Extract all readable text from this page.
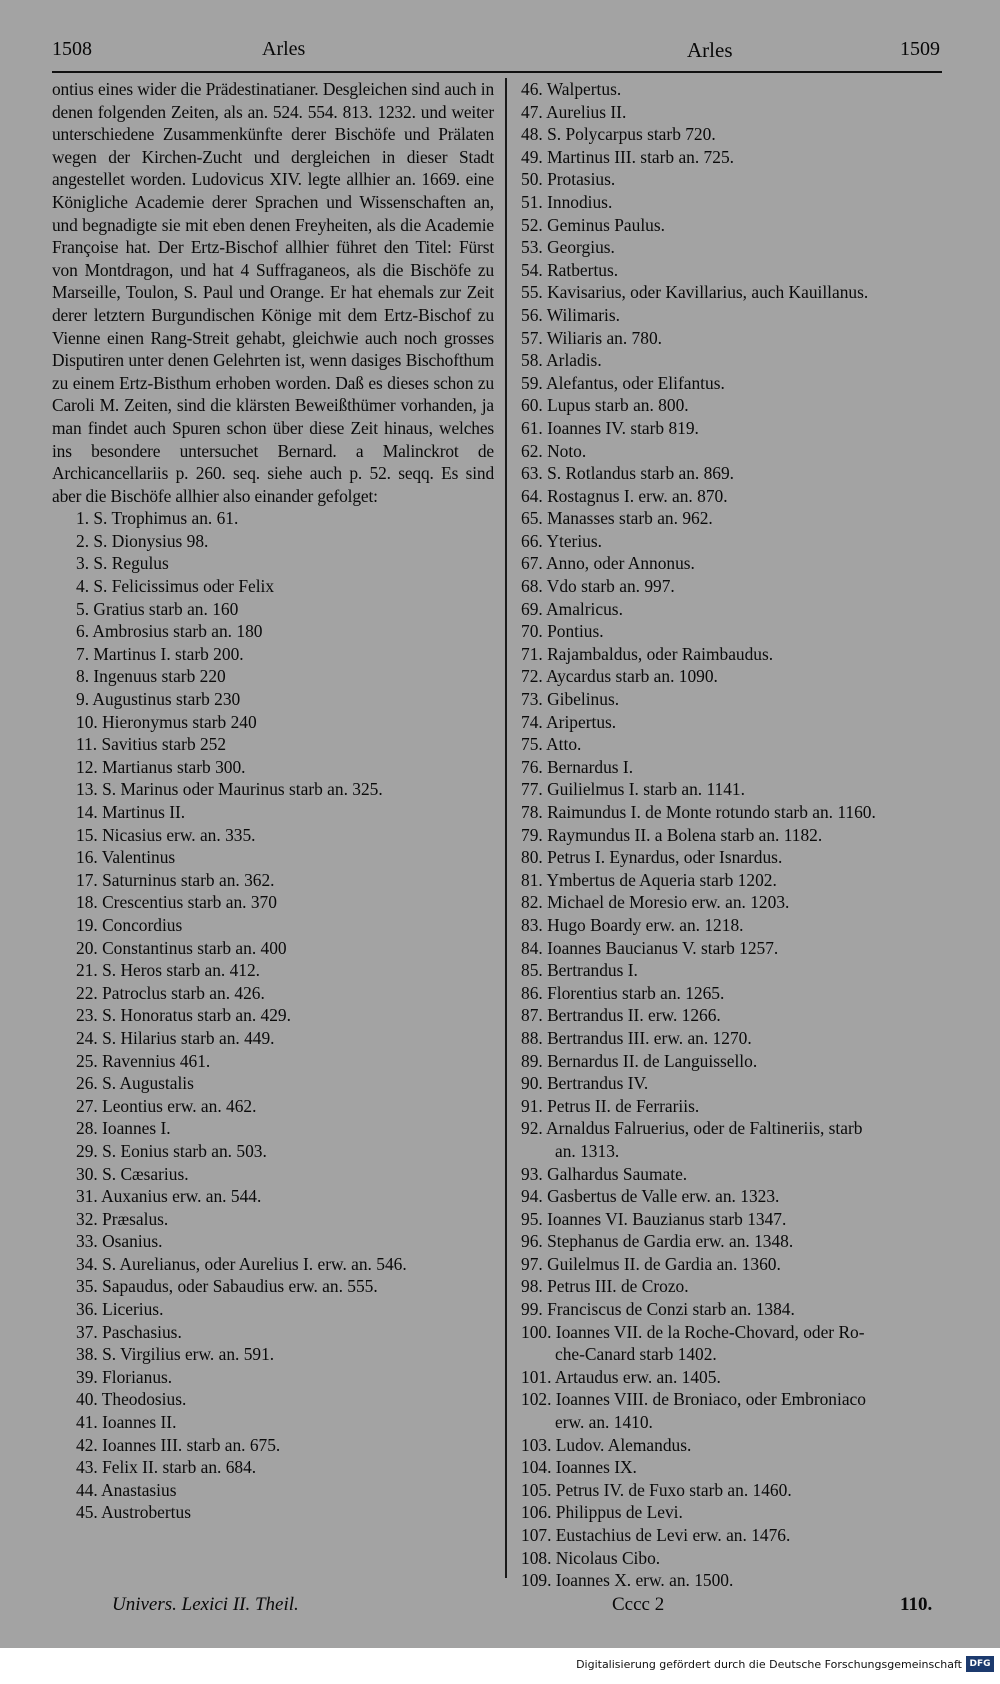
1508	Arles	Arles	1509

ontius eines wider die Prädestinatianer. Desgleichen sind auch in denen folgenden Zeiten, als an. 524. 554. 813. 1232. und weiter unterschiedene Zusammenkünfte derer Bischöfe und Prälaten wegen der Kirchen-Zucht und dergleichen in dieser Stadt angestellet worden. Ludovicus XIV. legte allhier an. 1669. eine Königliche Academie derer Sprachen und Wissenschaften an, und begnadigte sie mit eben denen Freyheiten, als die Academie Françoise hat. Der Ertz-Bischof allhier führet den Titel: Fürst von Montdragon, und hat 4 Suffraganeos, als die Bischöfe zu Marseille, Toulon, S. Paul und Orange. Er hat ehemals zur Zeit derer letztern Burgundischen Könige mit dem Ertz-Bischof zu Vienne einen Rang-Streit gehabt, gleichwie auch noch grosses Disputiren unter denen Gelehrten ist, wenn dasiges Bischofthum zu einem Ertz-Bisthum erhoben worden. Daß es dieses schon zu Caroli M. Zeiten, sind die klärsten Beweißthümer vorhanden, ja man findet auch Spuren schon über diese Zeit hinaus, welches ins besondere untersuchet Bernard. a Malinckrot de Archicancellariis p. 260. seq. siehe auch p. 52. seqq. Es sind aber die Bischöfe allhier also einander gefolget:

1. S. Trophimus an. 61.
2. S. Dionysius 98.
3. S. Regulus
4. S. Felicissimus oder Felix
5. Gratius starb an. 160
6. Ambrosius starb an. 180
7. Martinus I. starb 200.
8. Ingenuus starb 220
9. Augustinus starb 230
10. Hieronymus starb 240
11. Savitius starb 252
12. Martianus starb 300.
13. S. Marinus oder Maurinus starb an. 325.
14. Martinus II.
15. Nicasius erw. an. 335.
16. Valentinus
17. Saturninus starb an. 362.
18. Crescentius starb an. 370
19. Concordius
20. Constantinus starb an. 400
21. S. Heros starb an. 412.
22. Patroclus starb an. 426.
23. S. Honoratus starb an. 429.
24. S. Hilarius starb an. 449.
25. Ravennius 461.
26. S. Augustalis
27. Leontius erw. an. 462.
28. Ioannes I.
29. S. Eonius starb an. 503.
30. S. Cæsarius.
31. Auxanius erw. an. 544.
32. Præsalus.
33. Osanius.
34. S. Aurelianus, oder Aurelius I. erw. an. 546.
35. Sapaudus, oder Sabaudius erw. an. 555.
36. Licerius.
37. Paschasius.
38. S. Virgilius erw. an. 591.
39. Florianus.
40. Theodosius.
41. Ioannes II.
42. Ioannes III. starb an. 675.
43. Felix II. starb an. 684.
44. Anastasius
45. Austrobertus
46. Walpertus.
47. Aurelius II.
48. S. Polycarpus starb 720.
49. Martinus III. starb an. 725.
50. Protasius.
51. Innodius.
52. Geminus Paulus.
53. Georgius.
54. Ratbertus.
55. Kavisarius, oder Kavillarius, auch Kauillanus.
56. Wilimaris.
57. Wiliaris an. 780.
58. Arladis.
59. Alefantus, oder Elifantus.
60. Lupus starb an. 800.
61. Ioannes IV. starb 819.
62. Noto.
63. S. Rotlandus starb an. 869.
64. Rostagnus I. erw. an. 870.
65. Manasses starb an. 962.
66. Yterius.
67. Anno, oder Annonus.
68. Vdo starb an. 997.
69. Amalricus.
70. Pontius.
71. Rajambaldus, oder Raimbaudus.
72. Aycardus starb an. 1090.
73. Gibelinus.
74. Aripertus.
75. Atto.
76. Bernardus I.
77. Guilielmus I. starb an. 1141.
78. Raimundus I. de Monte rotundo starb an. 1160.
79. Raymundus II. a Bolena starb an. 1182.
80. Petrus I. Eynardus, oder Isnardus.
81. Ymbertus de Aqueria starb 1202.
82. Michael de Moresio erw. an. 1203.
83. Hugo Boardy erw. an. 1218.
84. Ioannes Baucianus V. starb 1257.
85. Bertrandus I.
86. Florentius starb an. 1265.
87. Bertrandus II. erw. 1266.
88. Bertrandus III. erw. an. 1270.
89. Bernardus II. de Languissello.
90. Bertrandus IV.
91. Petrus II. de Ferrariis.
92. Arnaldus Falruerius, oder de Faltineriis, starb
an. 1313.
93. Galhardus Saumate.
94. Gasbertus de Valle erw. an. 1323.
95. Ioannes VI. Bauzianus starb 1347.
96. Stephanus de Gardia erw. an. 1348.
97. Guilelmus II. de Gardia an. 1360.
98. Petrus III. de Crozo.
99. Franciscus de Conzi starb an. 1384.
100. Ioannes VII. de la Roche-Chovard, oder Ro-
che-Canard starb 1402.
101. Artaudus erw. an. 1405.
102. Ioannes VIII. de Broniaco, oder Embroniaco
erw. an. 1410.
103. Ludov. Alemandus.
104. Ioannes IX.
105. Petrus IV. de Fuxo starb an. 1460.
106. Philippus de Levi.
107. Eustachius de Levi erw. an. 1476.
108. Nicolaus Cibo.
109. Ioannes X. erw. an. 1500.
Univers. Lexici II. Theil.	Cccc 2	110.
Digitalisierung gefördert durch die Deutsche Forschungsgemeinschaft DFG
